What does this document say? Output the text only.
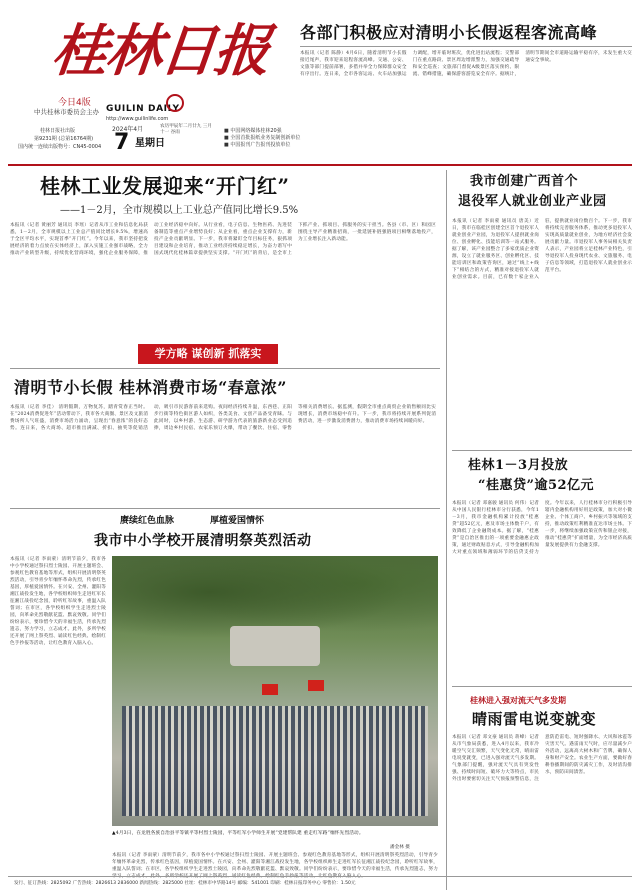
桂林日报
今日4版
中共桂林市委员会主办 GUILIN DAILY
http://www.guilinlife.com
桂林日报社出版
第9231期 (总第16764期)
国内统一连续出版物号：CN45-0004
2024年4月
7 星期日
农历甲辰年二月廿九 三月十一 谷雨	■ 中国网络媒体桂林20强
■ 全国首批报纸业务复制创新单位
■ 中国报刊广告报刊投放单位
各部门积极应对清明小长假返程客流高峰
本报讯（记者 陈静）4月6日，随着清明节小长假接近尾声，我市迎来返程客流高峰。交通、公安、文旅等部门提前部署，多措并举全力保障群众安全有序出行。连日来，全市各客运站、火车站加强运力调配，增开临时班次，优化进出站流程；交警部门在重点路段、景区周边增派警力，加强交通疏导和安全巡查；文旅部门督促A级景区落实预约、限流、错峰措施，确保游客游览安全有序。据统计，清明节期间全市道路运输平稳有序，未发生重大交通安全事故。
桂林工业发展迎来“开门红”
——1－2月，全市规模以上工业总产值同比增长9.5%
本报讯（记者 黄丽芳 通讯员 李瑶）记者从市工业和信息化局获悉，1－2月，全市规模以上工业总产值同比增长9.5%，增速高于全区平均水平，实现首季“开门红”。今年以来，我市坚持把发展经济的着力点放在实体经济上，深入实施工业强市战略，全力推动产业转型升级，持续优化营商环境，强化企业服务保障，推动工业经济稳中向好。从行业看，电子信息、生物医药、先进装备制造等重点产业增势良好；从企业看，重点企业支撑有力，新投产企业贡献明显。下一步，我市将紧盯全年目标任务，狠抓项目建设和企业培育，推动工业经济持续稳定增长，为奋力谱写中国式现代化桂林篇章提供坚实支撑。“开门红”的背后，是全市上下抓产业、抓项目、抓服务的实干担当。各县（市、区）和园区围绕主导产业精准招商，一批延链补链强链项目相继落地投产，为工业增长注入新动能。
学方略 谋创新 抓落实
我市创建广西首个
退役军人就业创业产业园
本报讯（记者 李雨蒙 通讯员 唐美）近日，我市在临桂区创建全区首个退役军人就业创业产业园，为退役军人提供就业岗位、创业孵化、技能培训等一站式服务。据了解，该产业园整合了多家优质企业资源，设立了就业服务区、创业孵化区、技能培训区和政策咨询区，通过“线上+线下”相结合的方式，精准对接退役军人就业创业需求。目前，已有数十家企业入驻，提供就业岗位数百个。下一步，我市将持续完善服务体系，推动更多退役军人实现高质量就业创业，为地方经济社会发展贡献力量。市退役军人事务局相关负责人表示，产业园将立足桂林产业特色，引导退役军人投身现代农业、文旅服务、电子信息等领域，打造退役军人就业创业示范平台。
清明节小长假 桂林消费市场“春意浓”
本报讯（记者 李佳） 清明假期，万物复苏，踏青赏春正当时。在“2024消费促进年”活动带动下，我市各大商圈、景区及文旅消费场所人气旺盛，消费市场活力涌动，呈现出“春意浓”的良好态势。连日来，各大商场、超市推出满减、折扣、抽奖等促销活动，吸引市民游客前来选购。夜间经济持续升温，东西巷、正阳步行街等特色街区游人如织，各类美食、文创产品备受青睐。与此同时，以乡村游、生态游、研学游为代表的旅游新业态受到追捧，周边乡村民宿、农家乐预订火爆，带动了餐饮、住宿、零售等相关消费增长。据监测，假期全市重点商贸企业销售额同比实现增长，消费市场稳中有升。下一步，我市将持续开展系列促消费活动，进一步激发消费潜力，推动消费市场持续回暖向好。
桂林1－3月投放
“桂惠贷”逾52亿元
本报讯（记者 邓嘉骏 通讯员 何伟）记者从中国人民银行桂林市分行获悉，今年1－3月，我市金融机构累计投放“桂惠贷”超52亿元，惠及市场主体数千户，有效降低了企业融资成本。据了解，“桂惠贷”是自治区推出的一项重要金融惠企政策，通过财政贴息方式，引导金融机构加大对重点领域和薄弱环节的信贷支持力度。今年以来，人行桂林市分行积极引导辖内金融机构用好用足政策，加大对小微企业、个体工商户、乡村振兴等领域的支持，推动政策红利精准直达市场主体。下一步，将继续加强政策宣传和银企对接，推动“桂惠贷”扩面增量，为全市经济高质量发展提供有力金融支撑。
桂林进入强对流天气多发期
晴雨雷电说变就变
本报讯（记者 邓文豪 通讯员 蒋峰）记者从市气象局获悉，进入4月以来，我市冷暖空气交汇频繁，天气变化无常，晴雨雷电说变就变，已进入强对流天气多发期。气象部门提醒，强对流天气具有突发性强、持续时间短、破坏力大等特点，市民外出时要密切关注天气预报预警信息，注意防范雷电、短时强降水、大风和冰雹等灾害天气。遇雷雨天气时，应尽量减少户外活动，远离高大树木和广告牌，确保人身和财产安全。农业生产方面，要做好春耕春播期间的防灾减灾工作，及时清沟排水，预防田间渍害。
赓续红色血脉	厚植爱国情怀
我市中小学校开展清明祭英烈活动
本报讯（记者 李雨蒙）清明节前夕，我市各中小学校通过祭扫烈士陵园、开展主题班会、参观红色教育基地等形式，组织开展清明祭英烈活动，引导青少年缅怀革命先烈，传承红色基因，厚植爱国情怀。在兴安、全州、灌阳等湘江战役发生地，各学校组织师生走进红军长征湘江战役纪念园，聆听红军故事，重温入队誓词；在市区，各学校组织学生走进烈士陵园，向革命先烈敬献花篮、默哀致敬。同学们纷纷表示，要珍惜今天的幸福生活，传承先烈遗志，努力学习，立志成才。此外，多所学校还开展了网上祭英烈、诵读红色经典、绘制红色手抄报等活动，让红色教育入脑入心。
▲4月3日，在龙胜各族自治县平等镇平等村烈士陵园，平等红军小学师生开展“党建帮队建 重走红军路”缅怀先烈活动。
潘金林 摄
本报讯（记者 李雨蒙）清明节前夕，我市各中小学校通过祭扫烈士陵园、开展主题班会、参观红色教育基地等形式，组织开展清明祭英烈活动，引导青少年缅怀革命先烈，传承红色基因，厚植爱国情怀。在兴安、全州、灌阳等湘江战役发生地，各学校组织师生走进红军长征湘江战役纪念园，聆听红军故事，重温入队誓词；在市区，各学校组织学生走进烈士陵园，向革命先烈敬献花篮、默哀致敬。同学们纷纷表示，要珍惜今天的幸福生活，传承先烈遗志，努力
发行、征订热线：2825092 广告热线：2826613 2836000 新闻热线：2825000 社址：桂林市中华路14号 邮编：541001 印刷：桂林日报印务中心 零售价：1.50元
